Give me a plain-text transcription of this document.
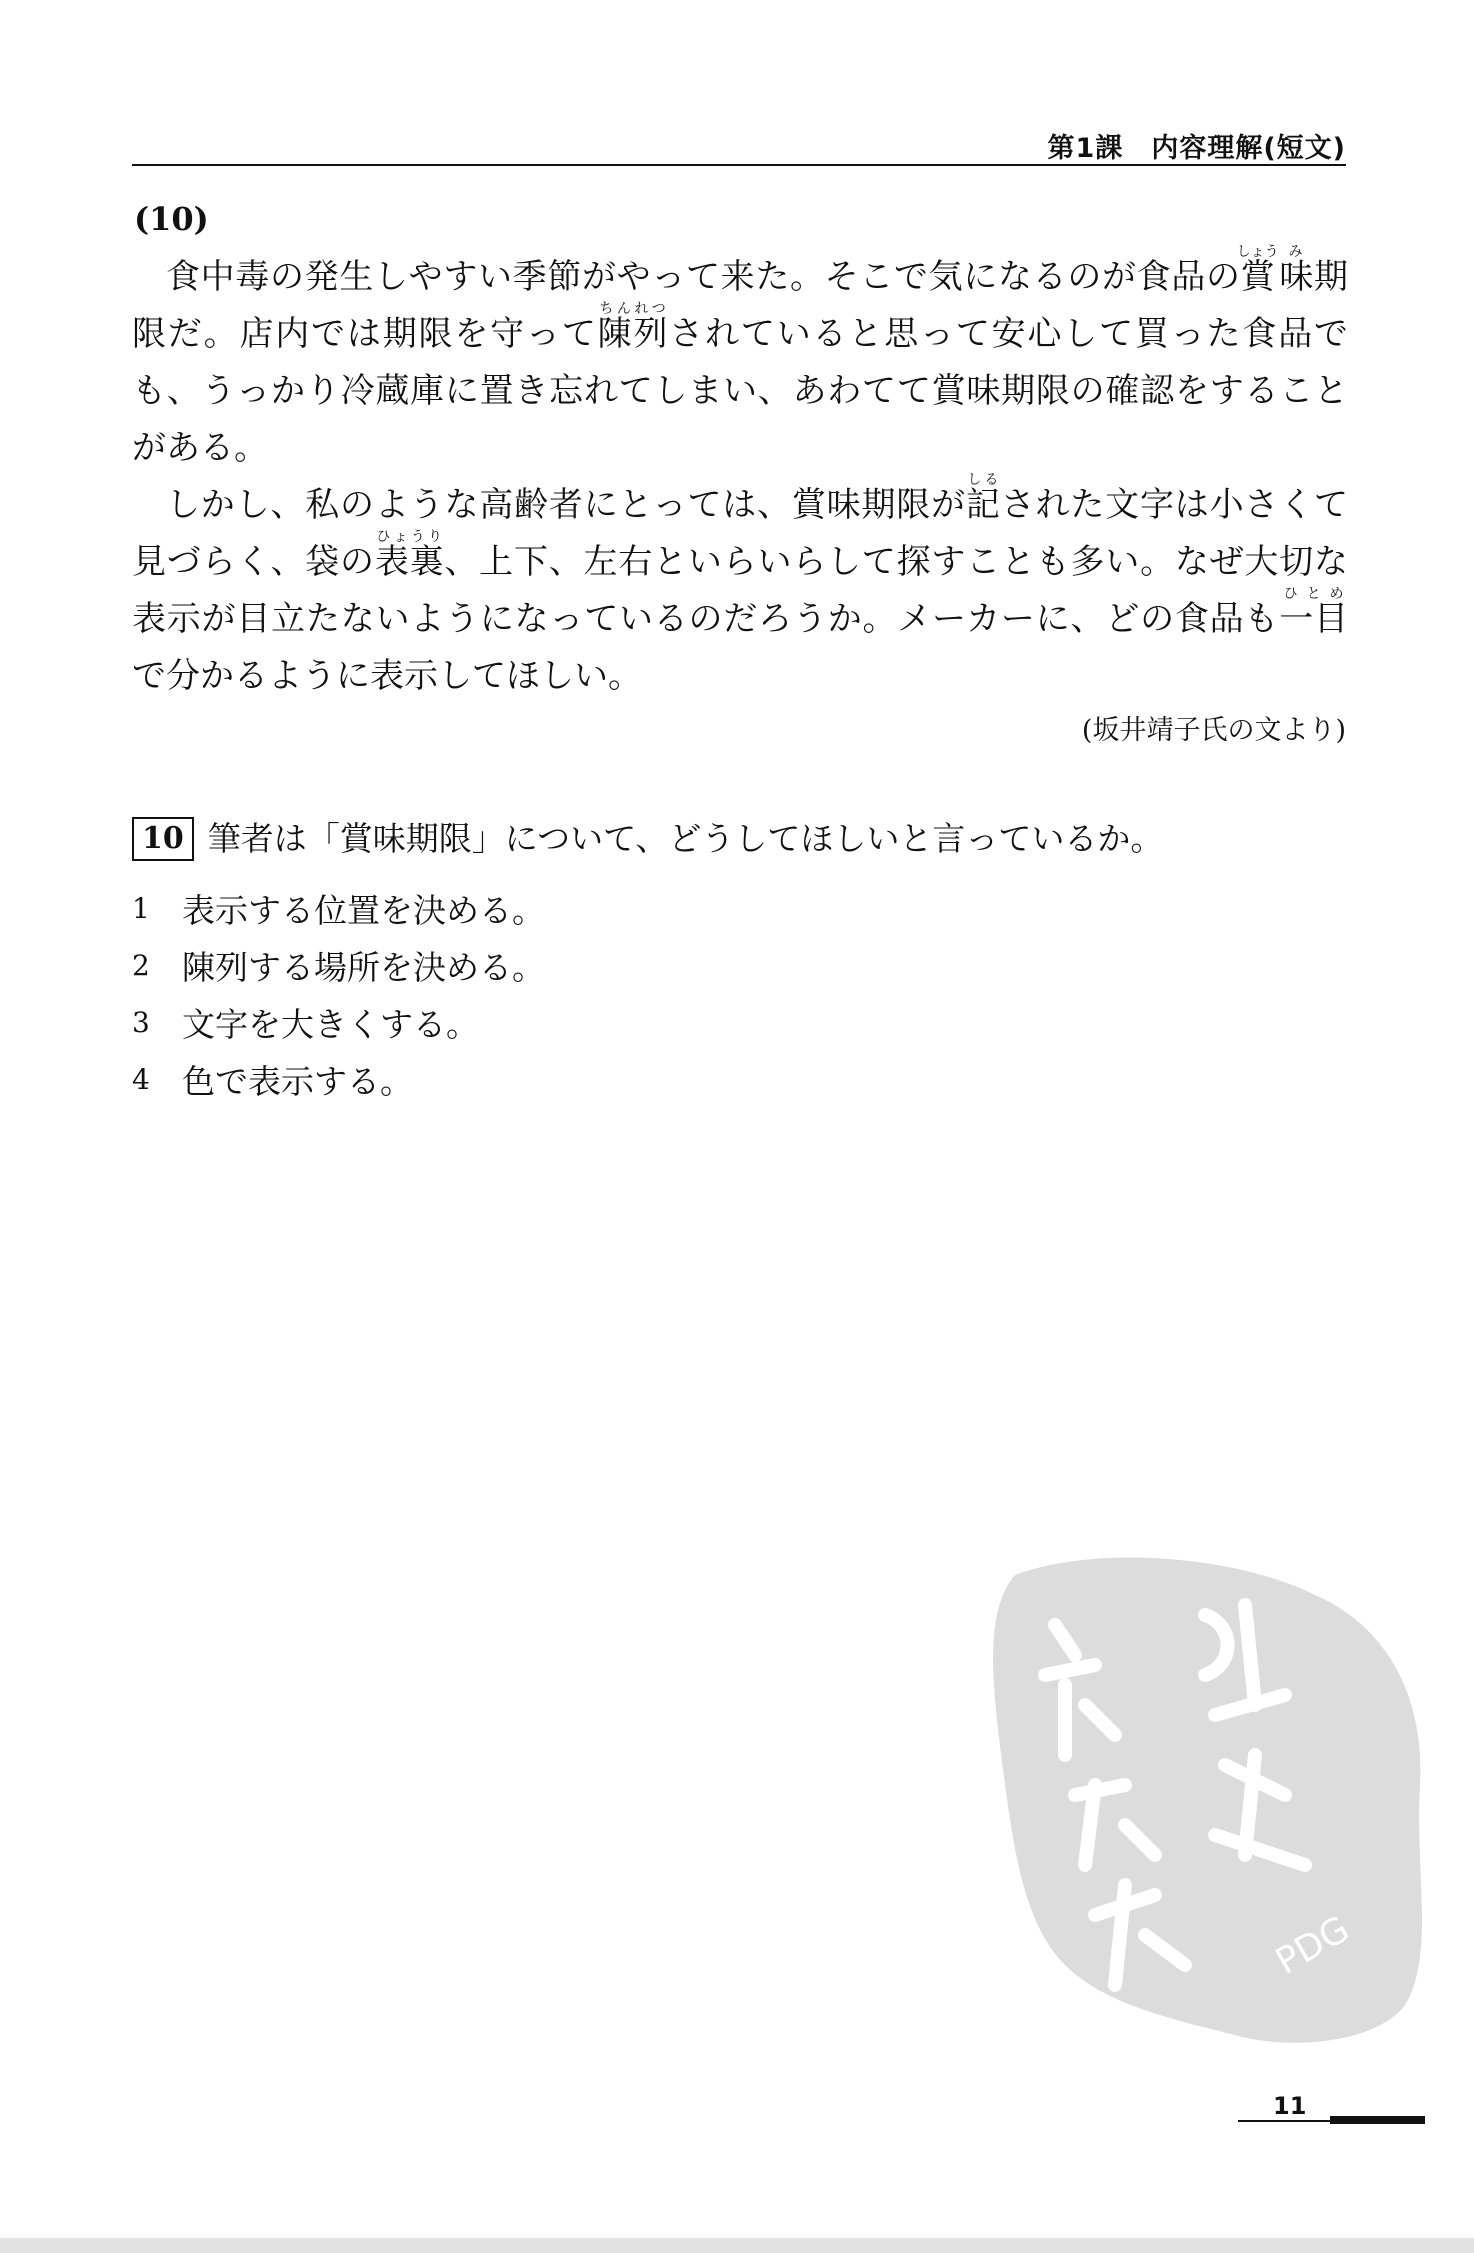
第1課　内容理解(短文)
(10)

食中毒の発生しやすい季節がやって来た。そこで気になるのが食品の賞しょう味み期限だ。店内では期限を守って陳列ちんれつされていると思って安心して買った食品でも、うっかり冷蔵庫に置き忘れてしまい、あわてて賞味期限の確認をすることがある。

しかし、私のような高齢者にとっては、賞味期限が記しるされた文字は小さくて見づらく、袋の表裏ひょうり、上下、左右といらいらして探すことも多い。なぜ大切な表示が目立たないようになっているのだろうか。メーカーに、どの食品も一目ひとめで分かるように表示してほしい。

(坂井靖子氏の文より)
10 筆者は「賞味期限」について、どうしてほしいと言っているか。
1 表示する位置を決める。
2 陳列する場所を決める。
3 文字を大きくする。
4 色で表示する。
PDG
11
